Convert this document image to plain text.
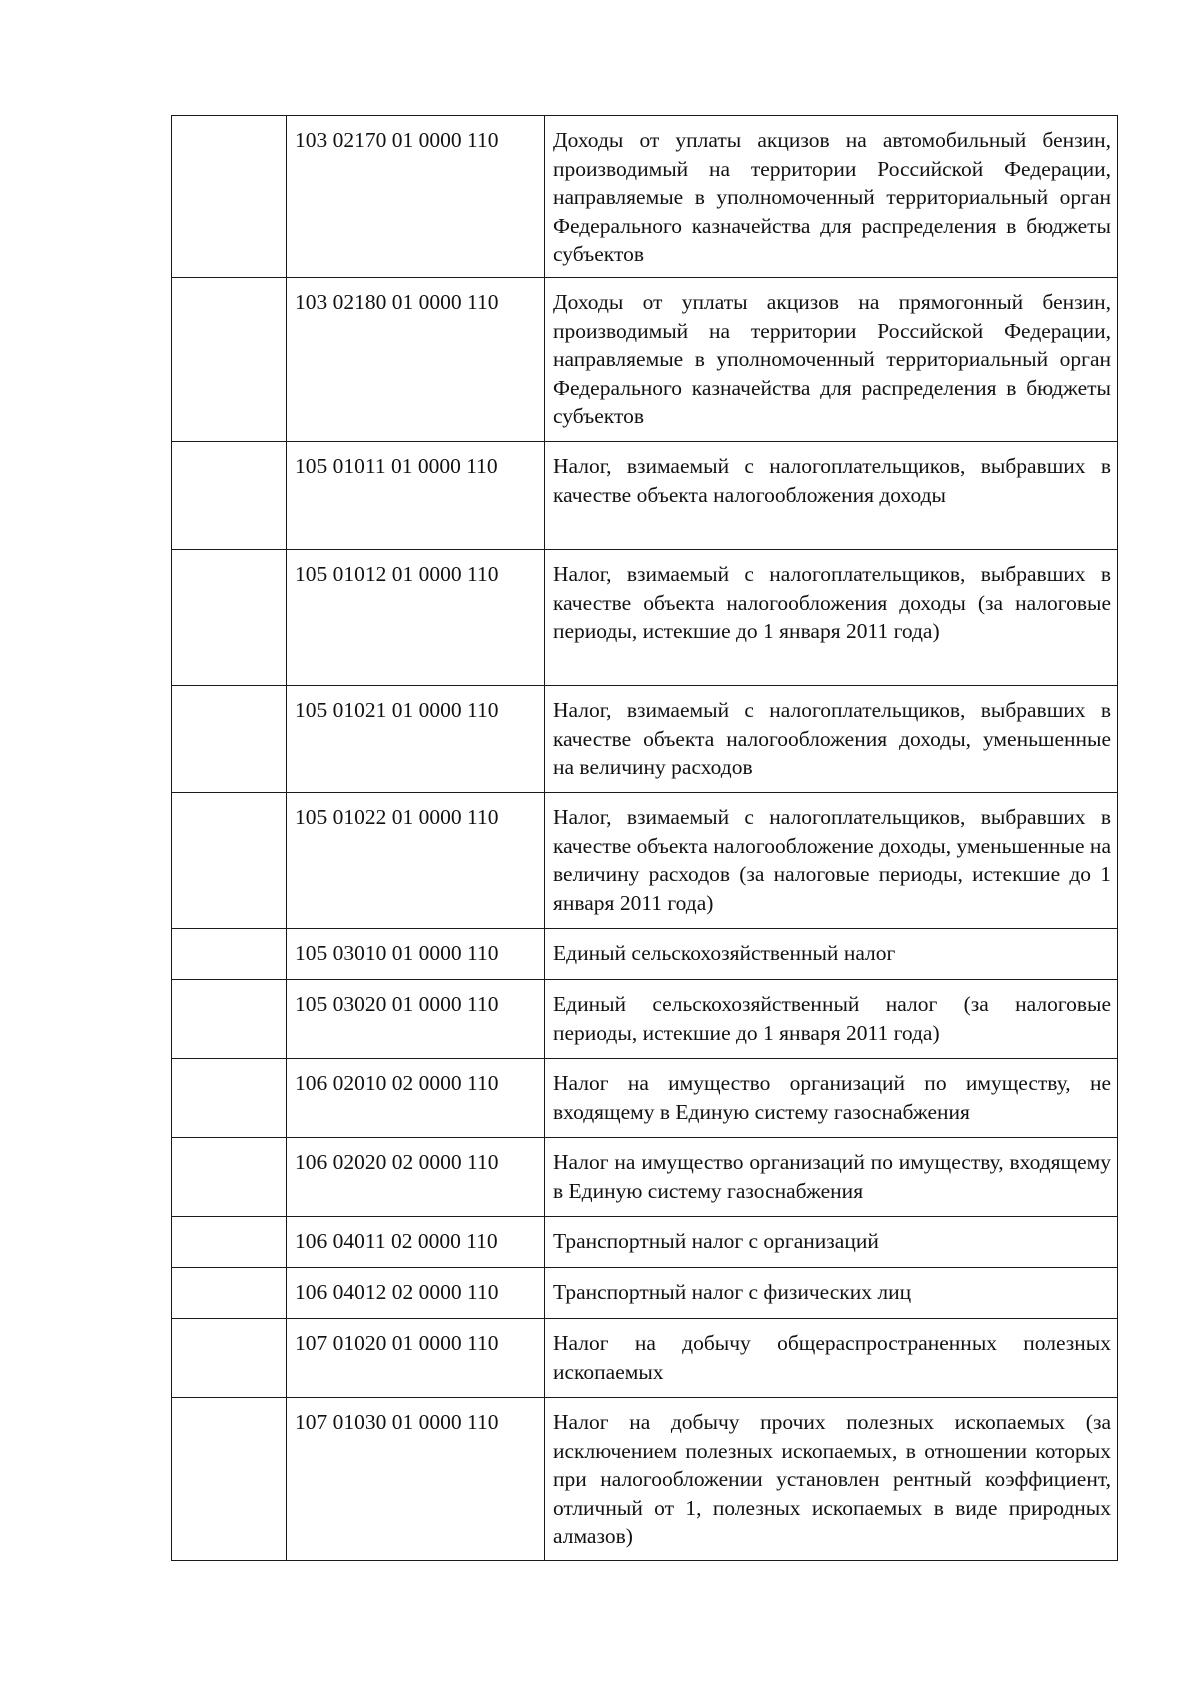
	103 02170 01 0000 110	Доходы от уплаты акцизов на автомобильный бензин, производимый на территории Российской Федерации, направляемые в уполномоченный территориальный орган Федерального казначейства для распределения в бюджеты субъектов
	103 02180 01 0000 110	Доходы от уплаты акцизов на прямогонный бензин, производимый на территории Российской Федерации, направляемые в уполномоченный территориальный орган Федерального казначейства для распределения в бюджеты субъектов
	105 01011 01 0000 110	Налог, взимаемый с налогоплательщиков, выбравших в качестве объекта налогообложения доходы
	105 01012 01 0000 110	Налог, взимаемый с налогоплательщиков, выбравших в качестве объекта налогообложения доходы (за налоговые периоды, истекшие до 1 января 2011 года)
	105 01021 01 0000 110	Налог, взимаемый с налогоплательщиков, выбравших в качестве объекта налогообложения доходы, уменьшенные на величину расходов
	105 01022 01 0000 110	Налог, взимаемый с налогоплательщиков, выбравших в качестве объекта налогообложение доходы, уменьшенные на величину расходов (за налоговые периоды, истекшие до 1 января 2011 года)
	105 03010 01 0000 110	Единый сельскохозяйственный налог
	105 03020 01 0000 110	Единый сельскохозяйственный налог (за налоговые периоды, истекшие до 1 января 2011 года)
	106 02010 02 0000 110	Налог на имущество организаций по имуществу, не входящему в Единую систему газоснабжения
	106 02020 02 0000 110	Налог на имущество организаций по имуществу, входящему в Единую систему газоснабжения
	106 04011 02 0000 110	Транспортный налог с организаций
	106 04012 02 0000 110	Транспортный налог с физических лиц
	107 01020 01 0000 110	Налог на добычу общераспространенных полезных ископаемых
	107 01030 01 0000 110	Налог на добычу прочих полезных ископаемых (за исключением полезных ископаемых, в отношении которых при налогообложении установлен рентный коэффициент, отличный от 1, полезных ископаемых в виде природных алмазов)
